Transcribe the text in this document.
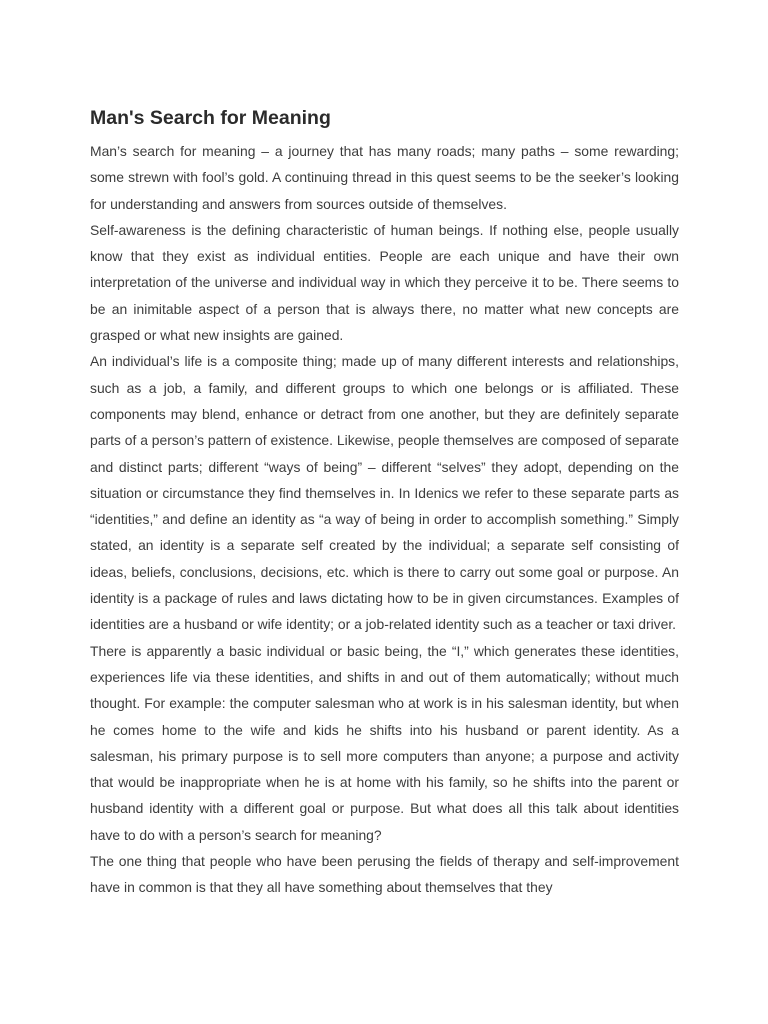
Man's Search for Meaning

Man’s search for meaning – a journey that has many roads; many paths – some rewarding; some strewn with fool’s gold. A continuing thread in this quest seems to be the seeker’s looking for understanding and answers from sources outside of themselves.

Self-awareness is the defining characteristic of human beings. If nothing else, people usually know that they exist as individual entities. People are each unique and have their own interpretation of the universe and individual way in which they perceive it to be. There seems to be an inimitable aspect of a person that is always there, no matter what new concepts are grasped or what new insights are gained.

An individual’s life is a composite thing; made up of many different interests and relationships, such as a job, a family, and different groups to which one belongs or is affiliated. These components may blend, enhance or detract from one another, but they are definitely separate parts of a person’s pattern of existence. Likewise, people themselves are composed of separate and distinct parts; different “ways of being” – different “selves” they adopt, depending on the situation or circumstance they find themselves in. In Idenics we refer to these separate parts as “identities,” and define an identity as “a way of being in order to accomplish something.” Simply stated, an identity is a separate self created by the individual; a separate self consisting of ideas, beliefs, conclusions, decisions, etc. which is there to carry out some goal or purpose. An identity is a package of rules and laws dictating how to be in given circumstances. Examples of identities are a husband or wife identity; or a job-related identity such as a teacher or taxi driver.

There is apparently a basic individual or basic being, the “I,” which generates these identities, experiences life via these identities, and shifts in and out of them automatically; without much thought. For example: the computer salesman who at work is in his salesman identity, but when he comes home to the wife and kids he shifts into his husband or parent identity. As a salesman, his primary purpose is to sell more computers than anyone; a purpose and activity that would be inappropriate when he is at home with his family, so he shifts into the parent or husband identity with a different goal or purpose. But what does all this talk about identities have to do with a person’s search for meaning?

The one thing that people who have been perusing the fields of therapy and self-improvement have in common is that they all have something about themselves that they
